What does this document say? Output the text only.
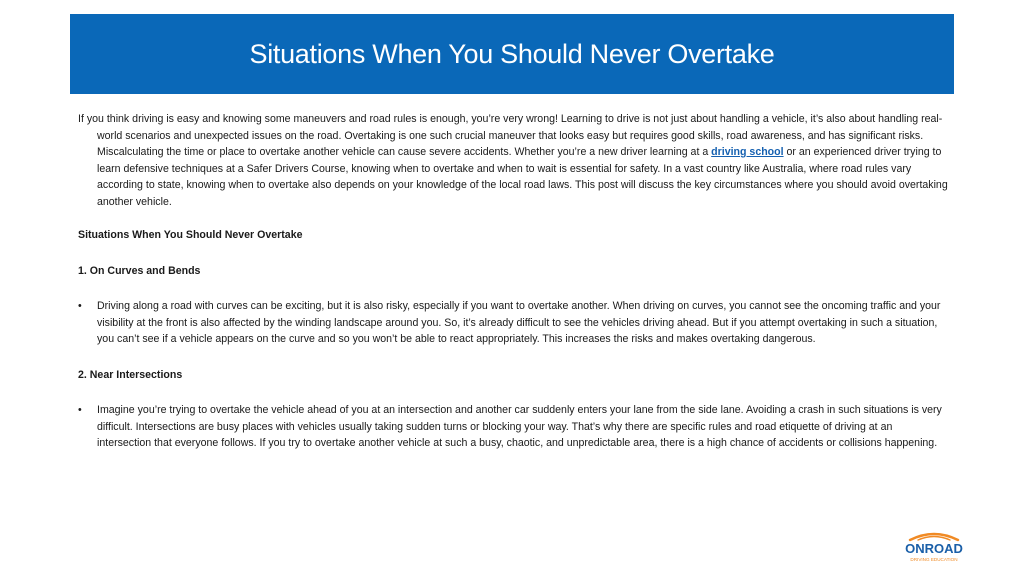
Situations When You Should Never Overtake

If you think driving is easy and knowing some maneuvers and road rules is enough, you’re very wrong! Learning to drive is not just about handling a vehicle, it’s also about handling real-world scenarios and unexpected issues on the road. Overtaking is one such crucial maneuver that looks easy but requires good skills, road awareness, and has significant risks. Miscalculating the time or place to overtake another vehicle can cause severe accidents. Whether you’re a new driver learning at a driving school or an experienced driver trying to learn defensive techniques at a Safer Drivers Course, knowing when to overtake and when to wait is essential for safety. In a vast country like Australia, where road rules vary according to state, knowing when to overtake also depends on your knowledge of the local road laws. This post will discuss the key circumstances where you should avoid overtaking another vehicle.

Situations When You Should Never Overtake

1. On Curves and Bends

•	Driving along a road with curves can be exciting, but it is also risky, especially if you want to overtake another. When driving on curves, you cannot see the oncoming traffic and your visibility at the front is also affected by the winding landscape around you. So, it’s already difficult to see the vehicles driving ahead. But if you attempt overtaking in such a situation, you can’t see if a vehicle appears on the curve and so you won’t be able to react appropriately. This increases the risks and makes overtaking dangerous.

2. Near Intersections

•	Imagine you’re trying to overtake the vehicle ahead of you at an intersection and another car suddenly enters your lane from the side lane. Avoiding a crash in such situations is very difficult. Intersections are busy places with vehicles usually taking sudden turns or blocking your way. That’s why there are specific rules and road etiquette of driving at an intersection that everyone follows. If you try to overtake another vehicle at such a busy, chaotic, and unpredictable area, there is a high chance of accidents or collisions happening.
ONROAD
DRIVING EDUCATION
